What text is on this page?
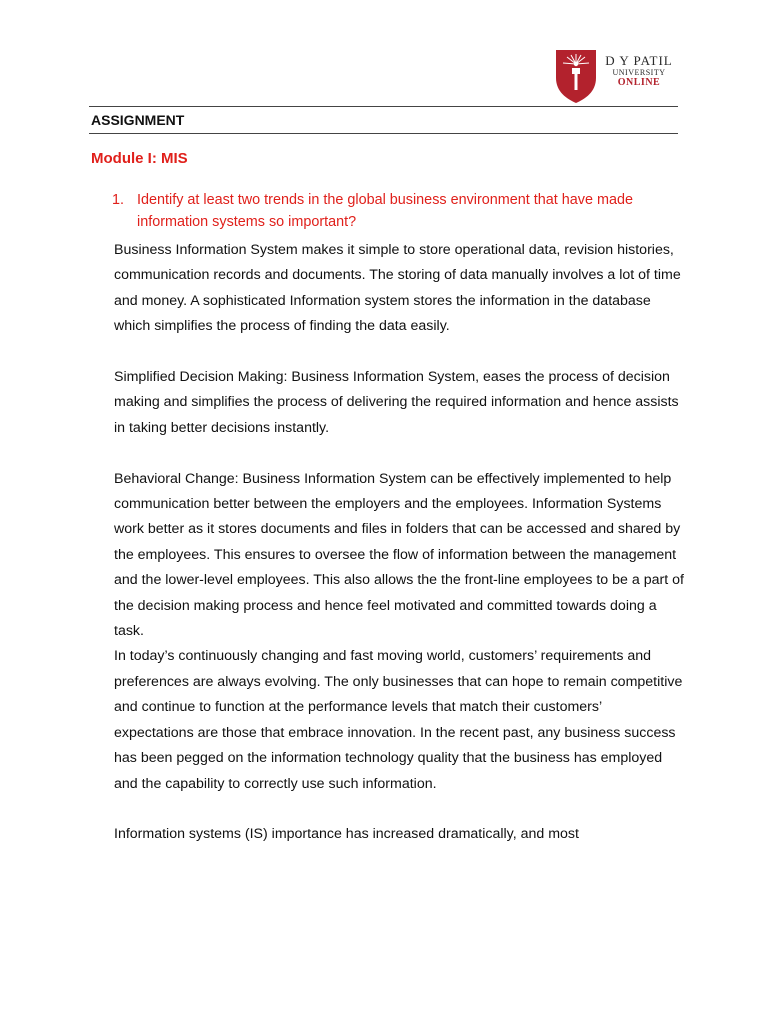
D Y PATIL
UNIVERSITY
ONLINE
ASSIGNMENT
Module I: MIS
1. Identify at least two trends in the global business environment that have made information systems so important?

Business Information System makes it simple to store operational data, revision histories, communication records and documents. The storing of data manually involves a lot of time and money. A sophisticated Information system stores the information in the database which simplifies the process of finding the data easily.

Simplified Decision Making: Business Information System, eases the process of decision making and simplifies the process of delivering the required information and hence assists in taking better decisions instantly.

Behavioral Change: Business Information System can be effectively implemented to help communication better between the employers and the employees. Information Systems work better as it stores documents and files in folders that can be accessed and shared by the employees. This ensures to oversee the flow of information between the management and the lower-level employees. This also allows the the front-line employees to be a part of the decision making process and hence feel motivated and committed towards doing a task.

In today’s continuously changing and fast moving world, customers’ requirements and preferences are always evolving. The only businesses that can hope to remain competitive and continue to function at the performance levels that match their customers’ expectations are those that embrace innovation. In the recent past, any business success has been pegged on the information technology quality that the business has employed and the capability to correctly use such information.

Information systems (IS) importance has increased dramatically, and most
